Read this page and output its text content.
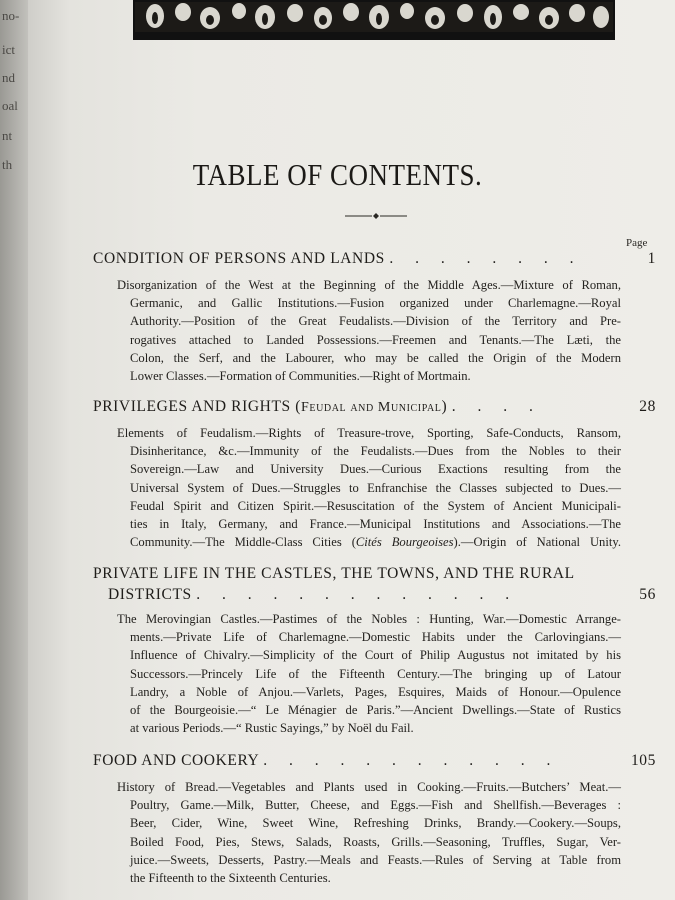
no-
ict
nd
oal
nt
th	TABLE OF CONTENTS.
Page
CONDITION OF PERSONS AND LANDS . . . . . . . .	1
Disorganization of the West at the Beginning of the Middle Ages.—Mixture of Roman,
Germanic, and Gallic Institutions.—Fusion organized under Charlemagne.—Royal
Authority.—Position of the Great Feudalists.—Division of the Territory and Pre-
rogatives attached to Landed Possessions.—Freemen and Tenants.—The Læti, the
Colon, the Serf, and the Labourer, who may be called the Origin of the Modern
Lower Classes.—Formation of Communities.—Right of Mortmain.
PRIVILEGES AND RIGHTS (Feudal and Municipal) . . . .	28
Elements of Feudalism.—Rights of Treasure-trove, Sporting, Safe-Conducts, Ransom,
Disinheritance, &c.—Immunity of the Feudalists.—Dues from the Nobles to their
Sovereign.—Law and University Dues.—Curious Exactions resulting from the
Universal System of Dues.—Struggles to Enfranchise the Classes subjected to Dues.—
Feudal Spirit and Citizen Spirit.—Resuscitation of the System of Ancient Municipali-
ties in Italy, Germany, and France.—Municipal Institutions and Associations.—The
Community.—The Middle-Class Cities (Cités Bourgeoises).—Origin of National Unity.
PRIVATE LIFE IN THE CASTLES, THE TOWNS, AND THE RURAL
DISTRICTS . . . . . . . . . . . . .	56
The Merovingian Castles.—Pastimes of the Nobles : Hunting, War.—Domestic Arrange-
ments.—Private Life of Charlemagne.—Domestic Habits under the Carlovingians.—
Influence of Chivalry.—Simplicity of the Court of Philip Augustus not imitated by his
Successors.—Princely Life of the Fifteenth Century.—The bringing up of Latour
Landry, a Noble of Anjou.—Varlets, Pages, Esquires, Maids of Honour.—Opulence
of the Bourgeoisie.—“ Le Ménagier de Paris.”—Ancient Dwellings.—State of Rustics
at various Periods.—“ Rustic Sayings,” by Noël du Fail.
FOOD AND COOKERY . . . . . . . . . . . .	105
History of Bread.—Vegetables and Plants used in Cooking.—Fruits.—Butchers’ Meat.—
Poultry, Game.—Milk, Butter, Cheese, and Eggs.—Fish and Shellfish.—Beverages :
Beer, Cider, Wine, Sweet Wine, Refreshing Drinks, Brandy.—Cookery.—Soups,
Boiled Food, Pies, Stews, Salads, Roasts, Grills.—Seasoning, Truffles, Sugar, Ver-
juice.—Sweets, Desserts, Pastry.—Meals and Feasts.—Rules of Serving at Table from
the Fifteenth to the Sixteenth Centuries.
